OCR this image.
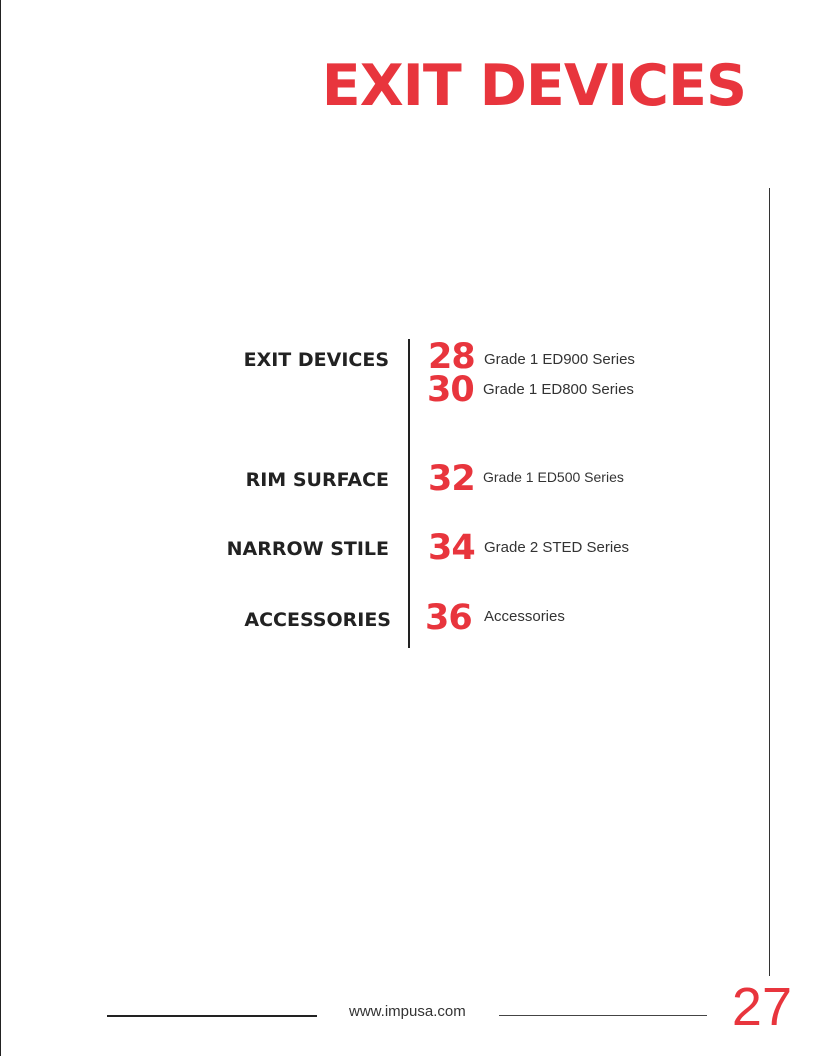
EXIT DEVICES
EXIT DEVICES 28 Grade 1 ED900 Series
30 Grade 1 ED800 Series
RIM SURFACE 32 Grade 1 ED500 Series
NARROW STILE 34 Grade 2 STED Series
ACCESSORIES 36 Accessories
www.impusa.com	27
